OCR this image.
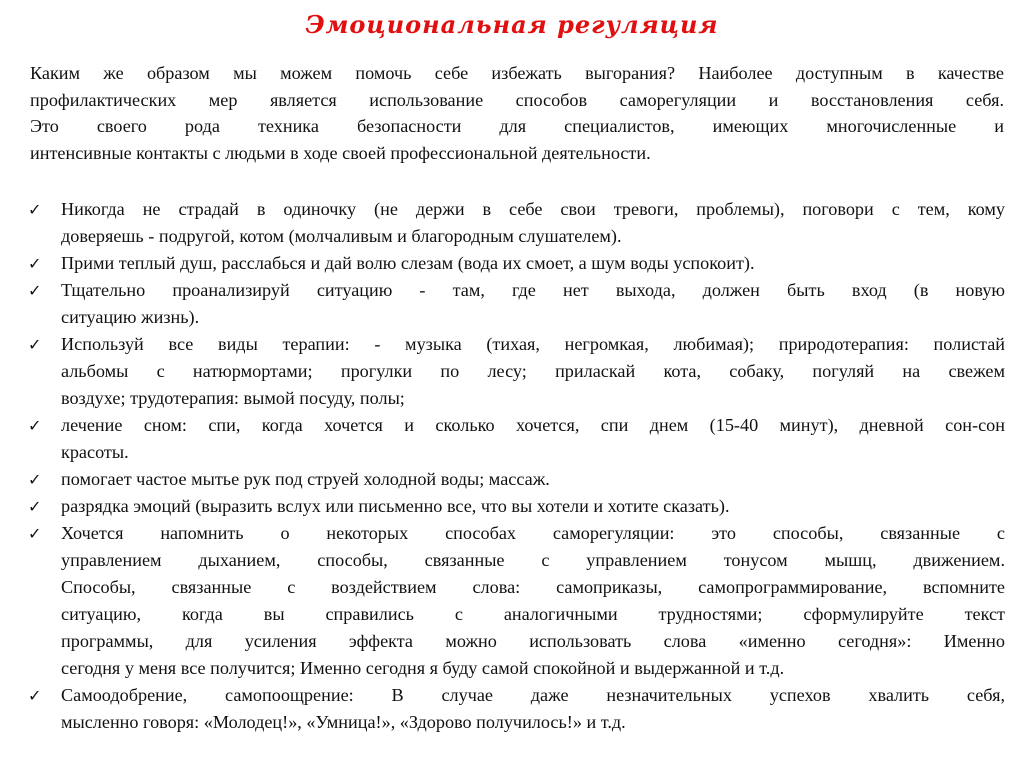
Эмоциональная регуляция
Каким же образом мы можем помочь себе избежать выгорания? Наиболее доступным в качестве
профилактических мер является использование способов саморегуляции и восстановления себя.
Это своего рода техника безопасности для специалистов, имеющих многочисленные и
интенсивные контакты с людьми в ходе своей профессиональной деятельности.
✓	Никогда не страдай в одиночку (не держи в себе свои тревоги, проблемы), поговори с тем, кому
доверяешь - подругой, котом (молчаливым и благородным слушателем).
✓	Прими теплый душ, расслабься и дай волю слезам (вода их смоет, а шум воды успокоит).
✓	Тщательно проанализируй ситуацию - там, где нет выхода, должен быть вход (в новую
ситуацию жизнь).
✓	Используй все виды терапии: - музыка (тихая, негромкая, любимая); природотерапия: полистай
альбомы с натюрмортами; прогулки по лесу; приласкай кота, собаку, погуляй на свежем
воздухе; трудотерапия: вымой посуду, полы;
✓	лечение сном: спи, когда хочется и сколько хочется, спи днем (15-40 минут), дневной сон-сон
красоты.
✓	помогает частое мытье рук под струей холодной воды; массаж.
✓	разрядка эмоций (выразить вслух или письменно все, что вы хотели и хотите сказать).
✓	Хочется напомнить о некоторых способах саморегуляции: это способы, связанные с
управлением дыханием, способы, связанные с управлением тонусом мышц, движением.
Способы, связанные с воздействием слова: самоприказы, самопрограммирование, вспомните
ситуацию, когда вы справились с аналогичными трудностями; сформулируйте текст
программы, для усиления эффекта можно использовать слова «именно сегодня»: Именно
сегодня у меня все получится; Именно сегодня я буду самой спокойной и выдержанной и т.д.
✓	Самоодобрение, самопоощрение: В случае даже незначительных успехов хвалить себя,
мысленно говоря: «Молодец!», «Умница!», «Здорово получилось!» и т.д.
